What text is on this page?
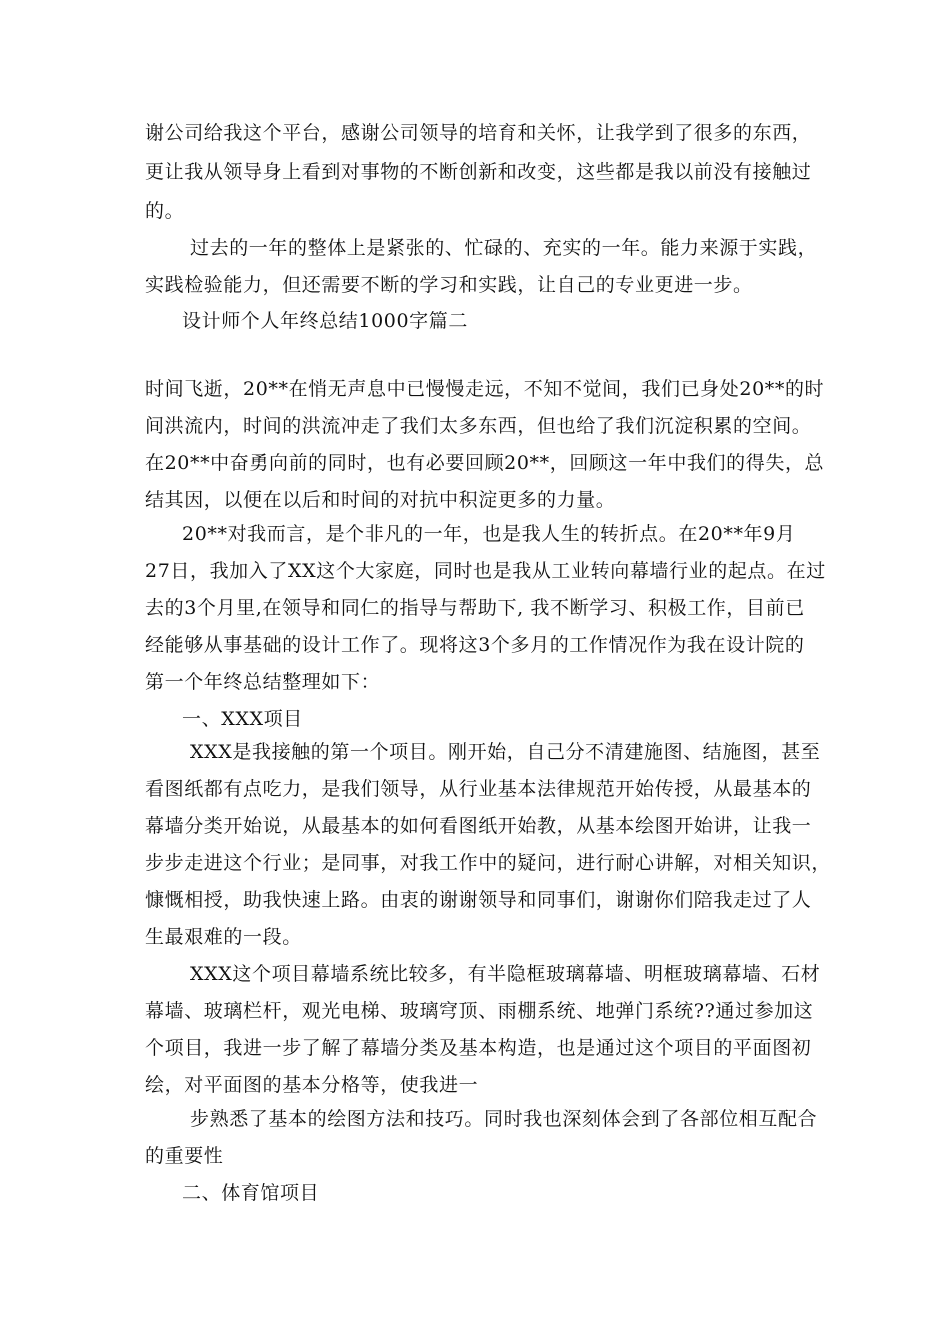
谢公司给我这个平台，感谢公司领导的培育和关怀，让我学到了很多的东西，
更让我从领导身上看到对事物的不断创新和改变，这些都是我以前没有接触过
的。
过去的一年的整体上是紧张的、忙碌的、充实的一年。能力来源于实践，
实践检验能力，但还需要不断的学习和实践，让自己的专业更进一步。
设计师个人年终总结1000字篇二
时间飞逝，20**在悄无声息中已慢慢走远，不知不觉间，我们已身处20**的时
间洪流内，时间的洪流冲走了我们太多东西，但也给了我们沉淀积累的空间。
在20**中奋勇向前的同时，也有必要回顾20**，回顾这一年中我们的得失，总
结其因，以便在以后和时间的对抗中积淀更多的力量。
20**对我而言，是个非凡的一年，也是我人生的转折点。在20**年9月
27日，我加入了XX这个大家庭，同时也是我从工业转向幕墙行业的起点。在过
去的3个月里,在领导和同仁的指导与帮助下, 我不断学习、积极工作，目前已
经能够从事基础的设计工作了。现将这3个多月的工作情况作为我在设计院的
第一个年终总结整理如下：
一、XXX项目
XXX是我接触的第一个项目。刚开始，自己分不清建施图、结施图，甚至
看图纸都有点吃力，是我们领导，从行业基本法律规范开始传授，从最基本的
幕墙分类开始说，从最基本的如何看图纸开始教，从基本绘图开始讲，让我一
步步走进这个行业；是同事，对我工作中的疑问，进行耐心讲解，对相关知识，
慷慨相授，助我快速上路。由衷的谢谢领导和同事们，谢谢你们陪我走过了人
生最艰难的一段。
XXX这个项目幕墙系统比较多，有半隐框玻璃幕墙、明框玻璃幕墙、石材
幕墙、玻璃栏杆，观光电梯、玻璃穹顶、雨棚系统、地弹门系统??通过参加这
个项目，我进一步了解了幕墙分类及基本构造，也是通过这个项目的平面图初
绘，对平面图的基本分格等，使我进一
步熟悉了基本的绘图方法和技巧。同时我也深刻体会到了各部位相互配合
的重要性
二、体育馆项目
